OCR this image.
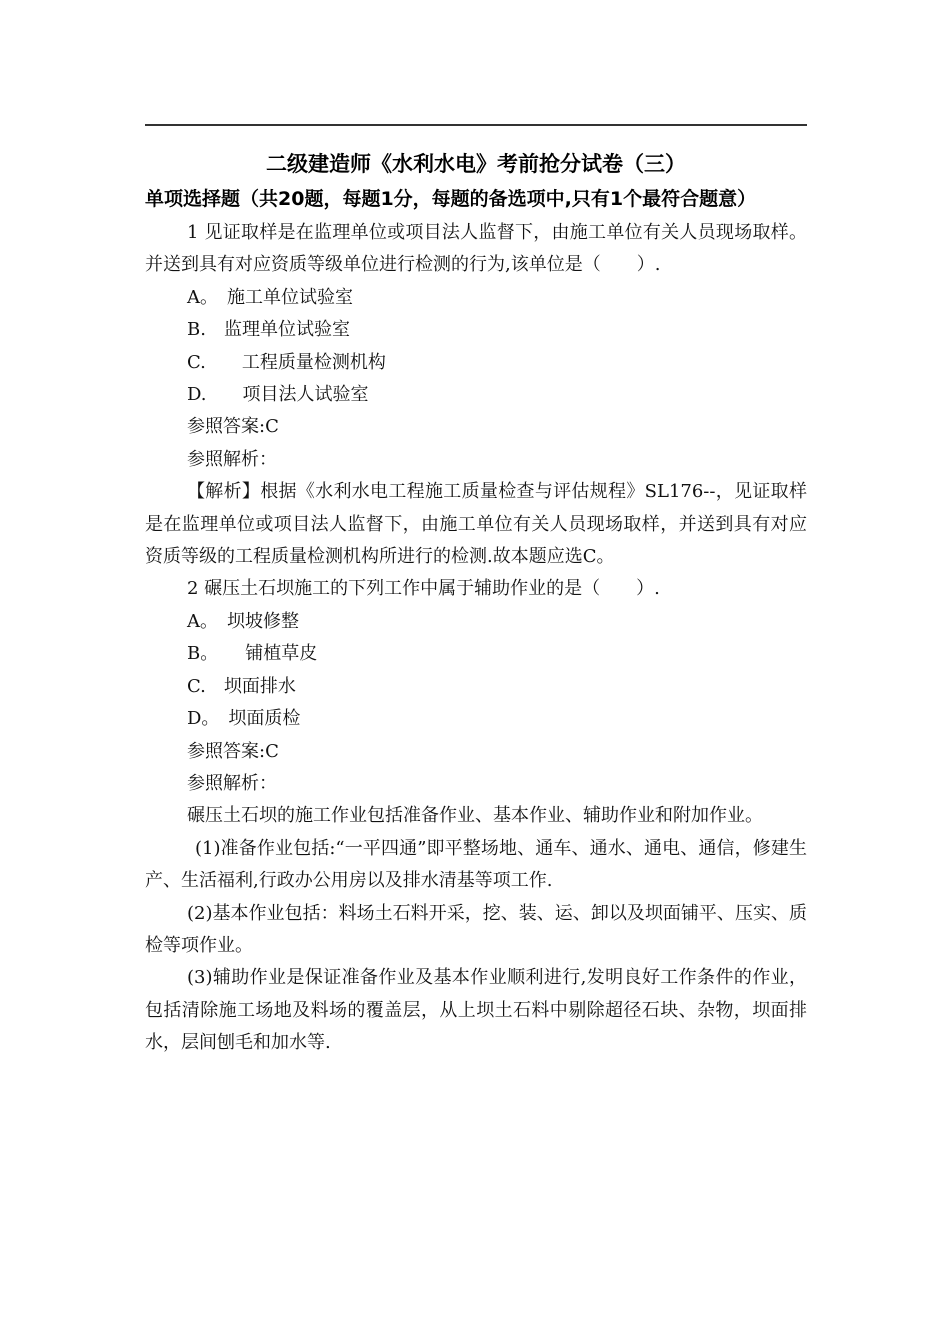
二级建造师《水利水电》考前抢分试卷（三）
单项选择题（共20题，每题1分，每题的备选项中,只有1个最符合题意）

1 见证取样是在监理单位或项目法人监督下，由施工单位有关人员现场取样。并送到具有对应资质等级单位进行检测的行为,该单位是（　　）.

A。　施工单位试验室

B.　监理单位试验室

C.　　工程质量检测机构

D.　　项目法人试验室

参照答案:C

参照解析：

【解析】根据《水利水电工程施工质量检查与评估规程》SL176--，见证取样是在监理单位或项目法人监督下，由施工单位有关人员现场取样，并送到具有对应资质等级的工程质量检测机构所进行的检测.故本题应选C。

2 碾压土石坝施工的下列工作中属于辅助作业的是（　　）.

A。　坝坡修整

B。　　铺植草皮

C.　坝面排水

D。　坝面质检

参照答案:C

参照解析：

碾压土石坝的施工作业包括准备作业、基本作业、辅助作业和附加作业。

(1)准备作业包括:“一平四通”即平整场地、通车、通水、通电、通信，修建生产、生活福利,行政办公用房以及排水清基等项工作.

(2)基本作业包括：料场土石料开采，挖、装、运、卸以及坝面铺平、压实、质检等项作业。

(3)辅助作业是保证准备作业及基本作业顺利进行,发明良好工作条件的作业，包括清除施工场地及料场的覆盖层，从上坝土石料中剔除超径石块、杂物，坝面排水，层间刨毛和加水等.
